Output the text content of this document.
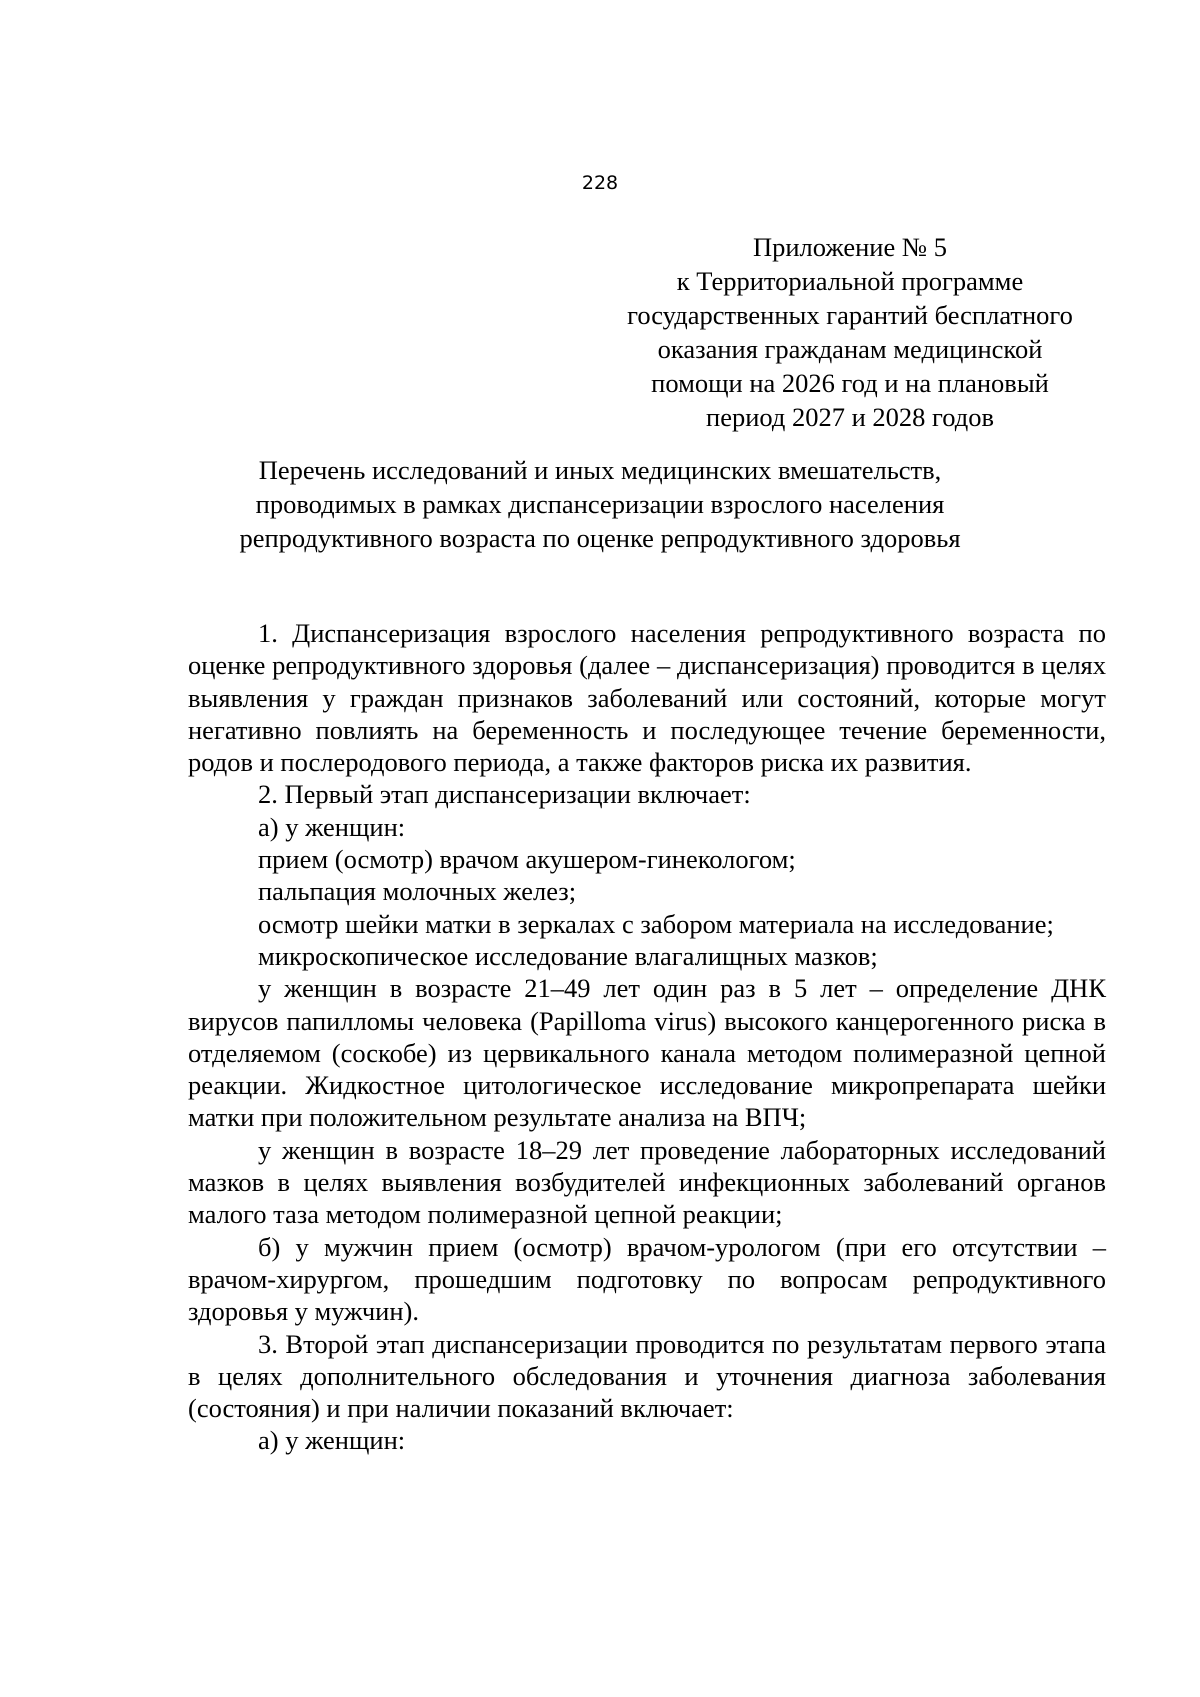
228
Приложение № 5
к Территориальной программе
государственных гарантий бесплатного
оказания гражданам медицинской
помощи на 2026 год и на плановый
период 2027 и 2028 годов
Перечень исследований и иных медицинских вмешательств,
проводимых в рамках диспансеризации взрослого населения
репродуктивного возраста по оценке репродуктивного здоровья

1. Диспансеризация взрослого населения репродуктивного возраста по оценке репродуктивного здоровья (далее – диспансеризация) проводится в целях выявления у граждан признаков заболеваний или состояний, которые могут негативно повлиять на беременность и последующее течение беременности, родов и послеродового периода, а также факторов риска их развития.

2. Первый этап диспансеризации включает:

а) у женщин:

прием (осмотр) врачом акушером-гинекологом;

пальпация молочных желез;

осмотр шейки матки в зеркалах с забором материала на исследование;

микроскопическое исследование влагалищных мазков;

у женщин в возрасте 21–49 лет один раз в 5 лет – определение ДНК вирусов папилломы человека (Papilloma virus) высокого канцерогенного риска в отделяемом (соскобе) из цервикального канала методом полимеразной цепной реакции. Жидкостное цитологическое исследование микропрепарата шейки матки при положительном результате анализа на ВПЧ;

у женщин в возрасте 18–29 лет проведение лабораторных исследований мазков в целях выявления возбудителей инфекционных заболеваний органов малого таза методом полимеразной цепной реакции;

б) у мужчин прием (осмотр) врачом-урологом (при его отсутствии – врачом-хирургом, прошедшим подготовку по вопросам репродуктивного здоровья у мужчин).

3. Второй этап диспансеризации проводится по результатам первого этапа в целях дополнительного обследования и уточнения диагноза заболевания (состояния) и при наличии показаний включает:

а) у женщин:
